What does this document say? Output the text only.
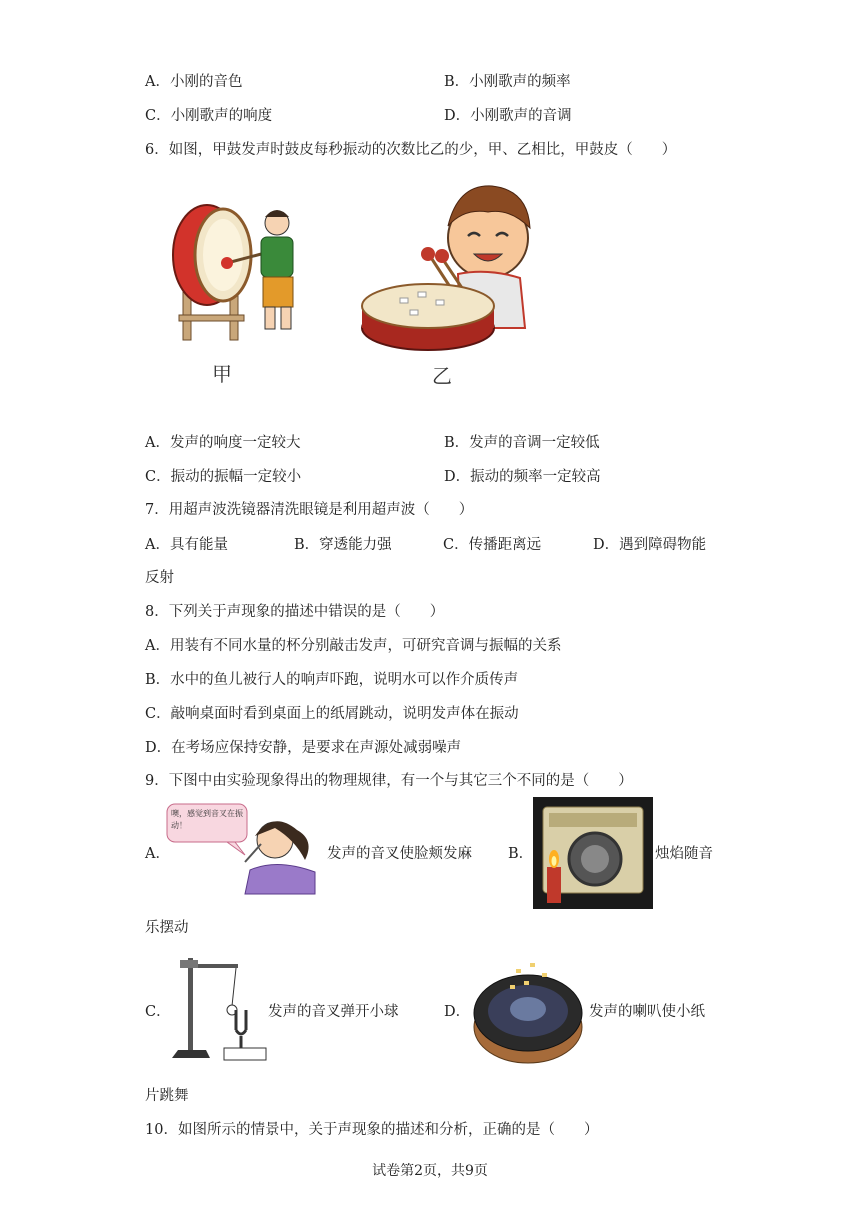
A．小刚的音色	B．小刚歌声的频率
C．小刚歌声的响度	D．小刚歌声的音调
6．如图，甲鼓发声时鼓皮每秒振动的次数比乙的少，甲、乙相比，甲鼓皮（　　）
甲	乙
A．发声的响度一定较大	B．发声的音调一定较低
C．振动的振幅一定较小	D．振动的频率一定较高
7．用超声波洗镜器清洗眼镜是利用超声波（　　）
A．具有能量	B．穿透能力强	C．传播距离远	D．遇到障碍物能
反射
8．下列关于声现象的描述中错误的是（　　）
A．用装有不同水量的杯分别敲击发声，可研究音调与振幅的关系
B．水中的鱼儿被行人的响声吓跑，说明水可以作介质传声
C．敲响桌面时看到桌面上的纸屑跳动，说明发声体在振动
D．在考场应保持安静，是要求在声源处减弱噪声
9．下图中由实验现象得出的物理规律，有一个与其它三个不同的是（　　）
A．
噢，感觉到音叉在振动！
发声的音叉使脸颊发麻 B．	烛焰随音
乐摆动
C．	发声的音叉弹开小球	D．	发声的喇叭使小纸
片跳舞
10．如图所示的情景中，关于声现象的描述和分析，正确的是（　　）
试卷第2页，共9页
